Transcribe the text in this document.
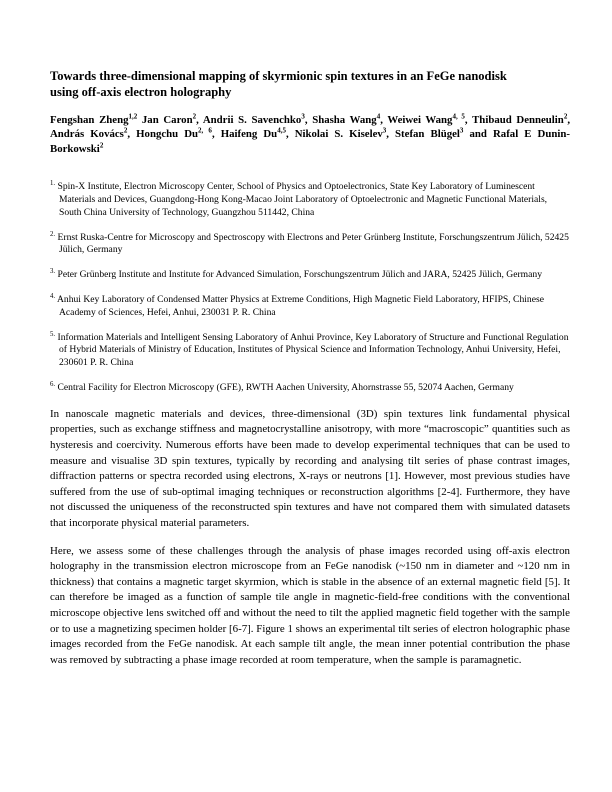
Towards three-dimensional mapping of skyrmionic spin textures in an FeGe nanodisk using off-axis electron holography

Fengshan Zheng$^{1,2}$ Jan Caron$^2$, Andrii S. Savenchko$^3$, Shasha Wang$^4$, Weiwei Wang$^{4, 5}$, Thibaud Denneulin$^2$, András Kovács$^2$, Hongchu Du$^{2, 6}$, Haifeng Du$^{4,5}$, Nikolai S. Kiselev$^3$, Stefan Blügel$^3$ and Rafal E Dunin-Borkowski$^2$

$^{1.}$ Spin-X Institute, Electron Microscopy Center, School of Physics and Optoelectronics, State Key Laboratory of Luminescent Materials and Devices, Guangdong-Hong Kong-Macao Joint Laboratory of Optoelectronic and Magnetic Functional Materials, South China University of Technology, Guangzhou 511442, China
$^{2.}$ Ernst Ruska-Centre for Microscopy and Spectroscopy with Electrons and Peter Grünberg Institute, Forschungszentrum Jülich, 52425 Jülich, Germany
$^{3.}$ Peter Grünberg Institute and Institute for Advanced Simulation, Forschungszentrum Jülich and JARA, 52425 Jülich, Germany
$^{4.}$ Anhui Key Laboratory of Condensed Matter Physics at Extreme Conditions, High Magnetic Field Laboratory, HFIPS, Chinese Academy of Sciences, Hefei, Anhui, 230031 P. R. China
$^{5.}$ Information Materials and Intelligent Sensing Laboratory of Anhui Province, Key Laboratory of Structure and Functional Regulation of Hybrid Materials of Ministry of Education, Institutes of Physical Science and Information Technology, Anhui University, Hefei, 230601 P. R. China
$^{6.}$ Central Facility for Electron Microscopy (GFE), RWTH Aachen University, Ahornstrasse 55, 52074 Aachen, Germany

In nanoscale magnetic materials and devices, three-dimensional (3D) spin textures link fundamental physical properties, such as exchange stiffness and magnetocrystalline anisotropy, with more “macroscopic” quantities such as hysteresis and coercivity. Numerous efforts have been made to develop experimental techniques that can be used to measure and visualise 3D spin textures, typically by recording and analysing tilt series of phase contrast images, diffraction patterns or spectra recorded using electrons, X-rays or neutrons [1]. However, most previous studies have suffered from the use of sub-optimal imaging techniques or reconstruction algorithms [2-4]. Furthermore, they have not discussed the uniqueness of the reconstructed spin textures and have not compared them with simulated datasets that incorporate physical material parameters.

Here, we assess some of these challenges through the analysis of phase images recorded using off-axis electron holography in the transmission electron microscope from an FeGe nanodisk (~150 nm in diameter and ~120 nm in thickness) that contains a magnetic target skyrmion, which is stable in the absence of an external magnetic field [5]. It can therefore be imaged as a function of sample tile angle in magnetic-field-free conditions with the conventional microscope objective lens switched off and without the need to tilt the applied magnetic field together with the sample or to use a magnetizing specimen holder [6-7]. Figure 1 shows an experimental tilt series of electron holographic phase images recorded from the FeGe nanodisk. At each sample tilt angle, the mean inner potential contribution the phase was removed by subtracting a phase image recorded at room temperature, when the sample is paramagnetic.
